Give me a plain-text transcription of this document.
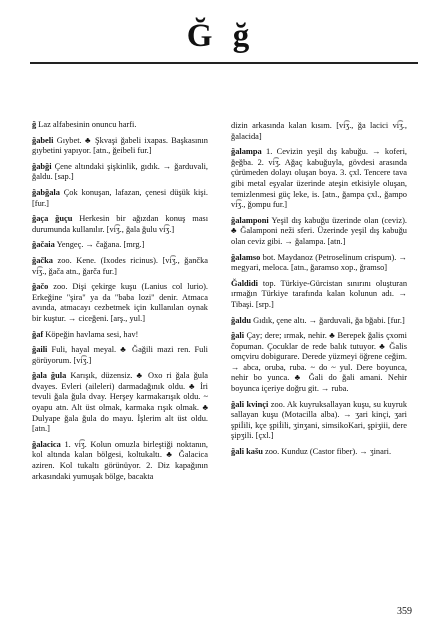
Ğ ğ

ğ Laz alfabesinin onuncu harfi.

ğabeli Gıybet. ♣ Şkvaşi ğabeli ixapas. Başkasının gıybetini yapıyor. [atn., ğeibeli fur.]

ğabği Çene altındaki şişkinlik, gıdık. → ğarduvali, ğaldu. [sap.]

ğabğala Çok konuşan, lafazan, çenesi düşük kişi. [fur.]

ğaça ğuçu Herkesin bir ağızdan konuş ması durumunda kullanılır. [vi͡ʒ., ğala ğulu vi͡ʒ.]

ğačaia Yengeç. → čağana. [mrg.]

ğačka zoo. Kene. (Ixodes ricinus). [vi͡ʒ., ğančka vi͡ʒ., ğača atn., ğarča fur.]

ğačo zoo. Dişi çekirge kuşu (Lanius col lurio). Erkeğine "şira" ya da "baba lozi" denir. Atmaca avında, atmacayı cezbetmek için kullanılan oynak bir kuştur. → ciceğeni. [arş., yul.]

ğaf Köpeğin havlama sesi, hav!

ğaili Fuli, hayal meyal. ♣ Ğağili mazi ren. Fuli görüyorum. [vi͡ʒ.]

ğala ğula Karışık, düzensiz. ♣ Oxo ri ğala ğula dvayes. Evleri (aileleri) darmadağınık oldu. ♣ İri tevuli ğala ğula dvay. Herşey karmakarışık oldu. ~ oyapu atn. Alt üst olmak, karmaka rışık olmak. ♣ Dulyape ğala ğula do mayu. İşlerim alt üst oldu. [atn.]

ğalacica 1. vi͡ʒ. Kolun omuzla birleştiği noktanın, kol altında kalan bölgesi, koltukaltı. ♣ Ğalacica aziren. Kol tukaltı görünüyor. 2. Diz kapağının arkasındaki yumuşak bölge, bacakta

dizin arkasında kalan kısım. [vi͡ʒ., ğa lacici vi͡ʒ., ğalacida]

ğalampa 1. Cevizin yeşil dış kabuğu. → koferi, ğeğba. 2. vi͡ʒ. Ağaç kabuğuyla, gövdesi arasında çürümeden dolayı oluşan boya. 3. çxl. Tencere tava gibi metal eşyalar üzerinde ateşin etkisiyle oluşan, temizlenmesi güç leke, is. [atn., ğampa çxl., ğampo vi͡ʒ., ğompu fur.]

ğalamponi Yeşil dış kabuğu üzerinde olan (ceviz). ♣ Ğalamponi neži sferi. Üzerinde yeşil dış kabuğu olan ceviz gibi. → ğalampa. [atn.]

ğalamso bot. Maydanoz (Petroselinum crispum). → megyari, meloca. [atn., ğaramso xop., ğramso]

Ğaldidi top. Türkiye-Gürcistan sınırını oluşturan ırmağın Türkiye tarafında kalan kolunun adı. → Tibaşi. [srp.]

ğaldu Gıdık, çene altı. → ğarduvali, ğa bğabi. [fur.]

ğali Çay; dere; ırmak, nehir. ♣ Berepek ğalis çxomi čopuman. Çocuklar de rede balık tutuyor. ♣ Ğalis omçviru dobigurare. Derede yüzmeyi öğrene ceğim. → abca, oruba, ruba. ~ do ~ yul. Dere boyunca, nehir bo yunca. ♣ Ğali do ğali amani. Nehir boyunca içeriye doğru git. → ruba.

ğali kvinçi zoo. Ak kuyruksallayan kuşu, su kuyruk sallayan kuşu (Motacilla alba). → ʒari kinçi, ʒari şpiİili, kçe şpiİili, ʒinʒani, simsikoKari, şpiʒiii, dere şipʒili. [çxl.]

ğali kašu zoo. Kunduz (Castor fiber). → ʒinari.

359
